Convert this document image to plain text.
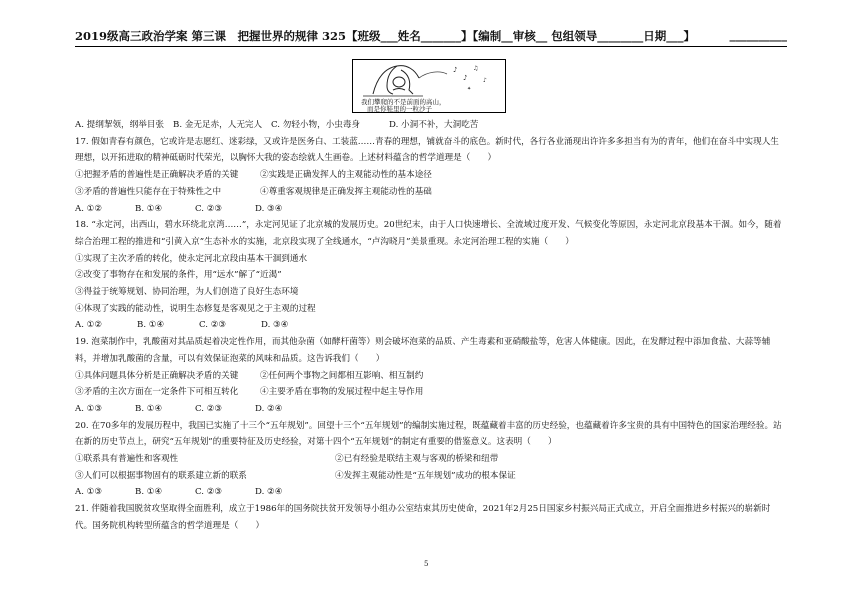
2019级高三政治学案 第三课　把握世界的规律 325【班级___姓名_______】【编制__审核__ 包组领导________日期___】	__________
♪
♪
♫
♪
✦
我们攀爬的不是前面的高山，
而是你鞋里的一粒沙子
A. 提纲挈领，纲举目张	B. 金无足赤，人无完人	C. 勿轻小物，小虫毒身	D. 小洞不补，大洞吃苦
17. 假如青春有颜色，它或许是志愿红、迷彩绿，又或许是医务白、工装蓝……青春的理想，铺就奋斗的底色。新时代，各行各业涌现出许许多多担当有为的青年，他们在奋斗中实现人生理想，以开拓进取的精神砥砺时代荣光，以胸怀大我的姿态绘就人生画卷。上述材料蕴含的哲学道理是（　　）
①把握矛盾的普遍性是正确解决矛盾的关键	②实践是正确发挥人的主观能动性的基本途径
③矛盾的普遍性只能存在于特殊性之中	④尊重客观规律是正确发挥主观能动性的基础
A. ①②	B. ①④	C. ②③	D. ③④
18. “永定河，出西山，碧水环绕北京湾……”，永定河见证了北京城的发展历史。20世纪末，由于人口快速增长、全流域过度开发、气候变化等原因，永定河北京段基本干涸。如今，随着综合治理工程的推进和“引黄入京”生态补水的实施，北京段实现了全线通水，“卢沟晓月”美景重现。永定河治理工程的实施（　　）
①实现了主次矛盾的转化，使永定河北京段由基本干涸到通水
②改变了事物存在和发展的条件，用“远水”解了“近渴”
③得益于统筹规划、协同治理，为人们创造了良好生态环境
④体现了实践的能动性，说明生态修复是客观见之于主观的过程
A. ①②	B. ①④	C. ②③	D. ③④
19. 泡菜制作中，乳酸菌对其品质起着决定性作用，而其他杂菌（如酵杆菌等）则会破坏泡菜的品质、产生毒素和亚硝酸盐等，危害人体健康。因此，在发酵过程中添加食盐、大蒜等辅料，并增加乳酸菌的含量，可以有效保证泡菜的风味和品质。这告诉我们（　　）
①具体问题具体分析是正确解决矛盾的关键	②任何两个事物之间都相互影响、相互制约
③矛盾的主次方面在一定条件下可相互转化	④主要矛盾在事物的发展过程中起主导作用
A. ①③	B. ①④	C. ②③	D. ②④
20. 在70多年的发展历程中，我国已实施了十三个“五年规划”。回望十三个“五年规划”的编制实施过程，既蕴藏着丰富的历史经验，也蕴藏着许多宝贵的具有中国特色的国家治理经验。站在新的历史节点上，研究“五年规划”的重要特征及历史经验，对第十四个“五年规划”的制定有重要的借鉴意义。这表明（　　）
①联系具有普遍性和客观性	②已有经验是联结主观与客观的桥梁和纽带
③人们可以根据事物固有的联系建立新的联系	④发挥主观能动性是“五年规划”成功的根本保证
A. ①③	B. ①④	C. ②③	D. ②④
21. 伴随着我国脱贫攻坚取得全面胜利，成立于1986年的国务院扶贫开发领导小组办公室结束其历史使命，2021年2月25日国家乡村振兴局正式成立，开启全面推进乡村振兴的崭新时代。国务院机构转型所蕴含的哲学道理是（　　）
5
